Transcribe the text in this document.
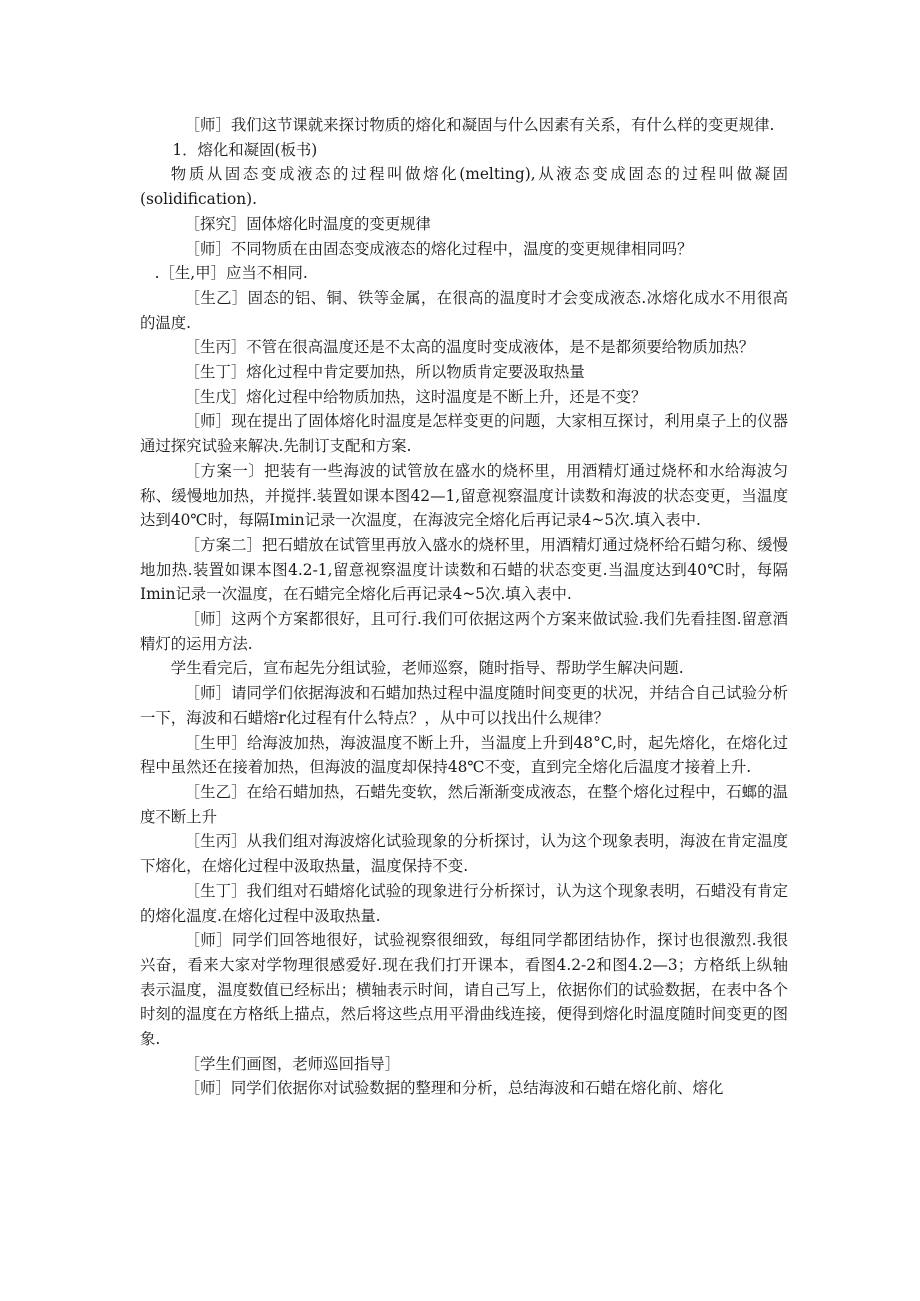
［师］我们这节课就来探讨物质的熔化和凝固与什么因素有关系，有什么样的变更规律.

1．熔化和凝固(板书)

物质从固态变成液态的过程叫做熔化(melting),从液态变成固态的过程叫做凝固(solidification).

［探究］固体熔化时温度的变更规律

［师］不同物质在由固态变成液态的熔化过程中，温度的变更规律相同吗？

.［生,甲］应当不相同.

［生乙］固态的铝、铜、铁等金属，在很高的温度时才会变成液态.冰熔化成水不用很高的温度.

［生丙］不管在很高温度还是不太高的温度时变成液体，是不是都须要给物质加热？

［生丁］熔化过程中肯定要加热，所以物质肯定要汲取热量

［生戊］熔化过程中给物质加热，这时温度是不断上升，还是不变？

［师］现在提出了固体熔化时温度是怎样变更的问题，大家相互探讨，利用桌子上的仪器通过探究试验来解决.先制订支配和方案.

［方案一〕把装有一些海波的试管放在盛水的烧杯里，用酒精灯通过烧杯和水给海波匀称、缓慢地加热，并搅拌.装置如课本图42—1,留意视察温度计读数和海波的状态变更，当温度达到40℃时，每隔Imin记录一次温度，在海波完全熔化后再记录4~5次.填入表中.

［方案二］把石蜡放在试管里再放入盛水的烧杯里，用酒精灯通过烧杯给石蜡匀称、缓慢地加热.装置如课本图4.2-1,留意视察温度计读数和石蜡的状态变更.当温度达到40℃时，每隔Imin记录一次温度，在石蜡完全熔化后再记录4~5次.填入表中.

［师］这两个方案都很好，且可行.我们可依据这两个方案来做试验.我们先看挂图.留意酒精灯的运用方法.

学生看完后，宣布起先分组试验，老师巡察，随时指导、帮助学生解决问题.

［师］请同学们依据海波和石蜡加热过程中温度随时间变更的状况，并结合自己试验分析一下，海波和石蜡熔r化过程有什么特点？，从中可以找出什么规律？

［生甲］给海波加热，海波温度不断上升，当温度上升到48°C,时，起先熔化，在熔化过程中虽然还在接着加热，但海波的温度却保持48℃不变，直到完全熔化后温度才接着上升.

［生乙］在给石蜡加热，石蜡先变软，然后渐渐变成液态，在整个熔化过程中，石螂的温度不断上升

［生丙］从我们组对海波熔化试验现象的分析探讨，认为这个现象表明，海波在肯定温度下熔化，在熔化过程中汲取热量，温度保持不变.

［生丁］我们组对石蜡熔化试验的现象进行分析探讨，认为这个现象表明，石蜡没有肯定的熔化温度.在熔化过程中汲取热量.

［师］同学们回答地很好，试验视察很细致，每组同学都团结协作，探讨也很激烈.我很兴奋，看来大家对学物理很感爱好.现在我们打开课本，看图4.2-2和图4.2—3；方格纸上纵轴表示温度，温度数值已经标出；横轴表示时间，请自己写上，依据你们的试验数据，在表中各个时刻的温度在方格纸上描点，然后将这些点用平滑曲线连接，便得到熔化时温度随时间变更的图象.

［学生们画图，老师巡回指导］

［师］同学们依据你对试验数据的整理和分析，总结海波和石蜡在熔化前、熔化
